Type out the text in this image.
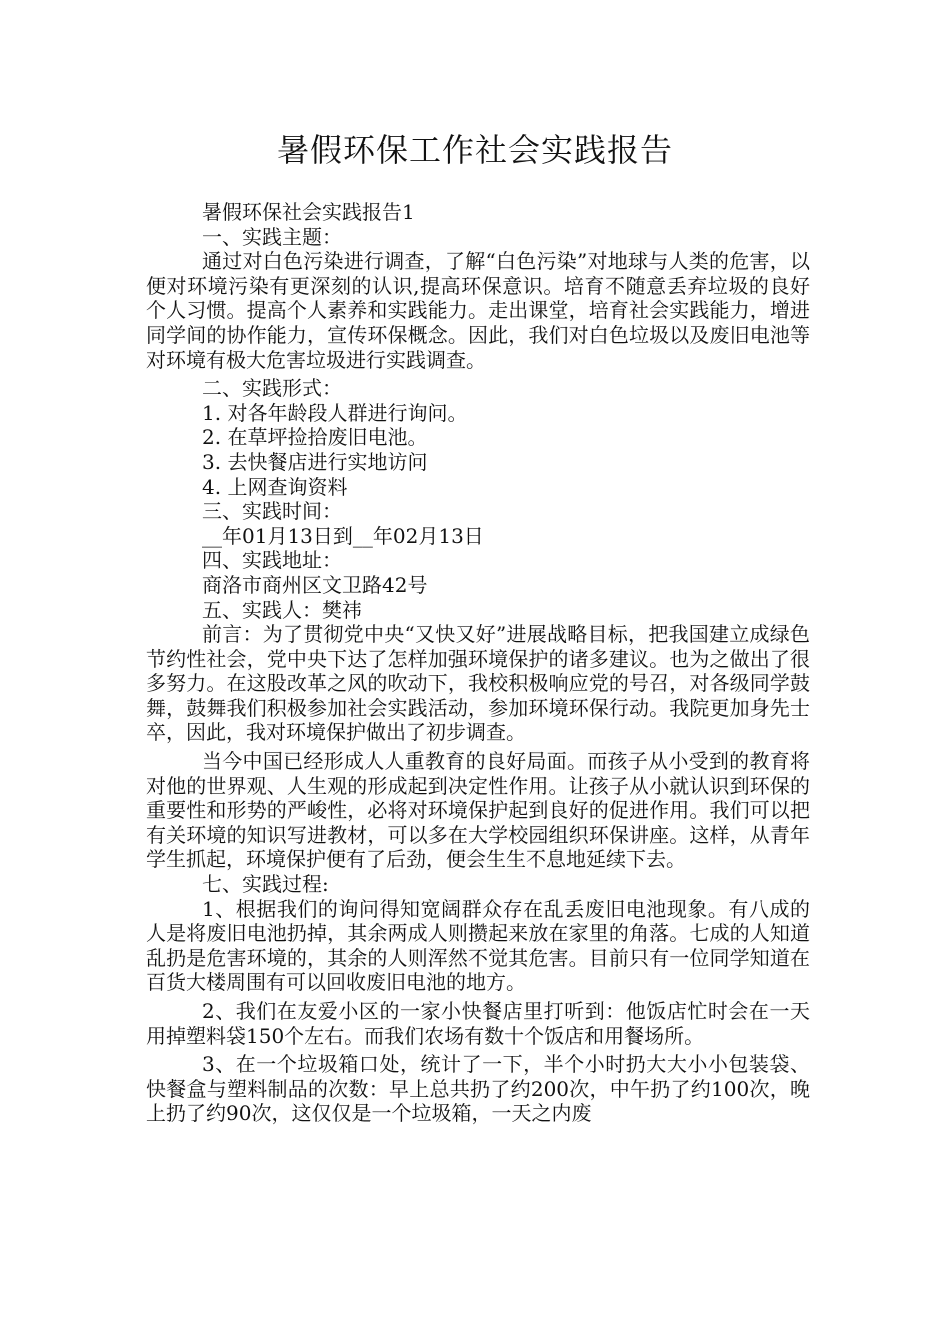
暑假环保工作社会实践报告

暑假环保社会实践报告1

一、实践主题：

通过对白色污染进行调查，了解“白色污染”对地球与人类的危害，以便对环境污染有更深刻的认识,提高环保意识。培育不随意丢弃垃圾的良好个人习惯。提高个人素养和实践能力。走出课堂，培育社会实践能力，增进同学间的协作能力，宣传环保概念。因此，我们对白色垃圾以及废旧电池等对环境有极大危害垃圾进行实践调查。

二、实践形式：

1. 对各年龄段人群进行询问。

2. 在草坪捡拾废旧电池。

3. 去快餐店进行实地访问

4. 上网查询资料

三、实践时间：

__年01月13日到__年02月13日

四、实践地址：

商洛市商州区文卫路42号

五、实践人：樊祎

前言：为了贯彻党中央“又快又好”进展战略目标，把我国建立成绿色节约性社会，党中央下达了怎样加强环境保护的诸多建议。也为之做出了很多努力。在这股改革之风的吹动下，我校积极响应党的号召，对各级同学鼓舞，鼓舞我们积极参加社会实践活动，参加环境环保行动。我院更加身先士卒，因此，我对环境保护做出了初步调查。

当今中国已经形成人人重教育的良好局面。而孩子从小受到的教育将对他的世界观、人生观的形成起到决定性作用。让孩子从小就认识到环保的重要性和形势的严峻性，必将对环境保护起到良好的促进作用。我们可以把有关环境的知识写进教材，可以多在大学校园组织环保讲座。这样，从青年学生抓起，环境保护便有了后劲，便会生生不息地延续下去。

七、实践过程:

1、根据我们的询问得知宽阔群众存在乱丢废旧电池现象。有八成的人是将废旧电池扔掉，其余两成人则攒起来放在家里的角落。七成的人知道乱扔是危害环境的，其余的人则浑然不觉其危害。目前只有一位同学知道在百货大楼周围有可以回收废旧电池的地方。

2、我们在友爱小区的一家小快餐店里打听到：他饭店忙时会在一天用掉塑料袋150个左右。而我们农场有数十个饭店和用餐场所。

3、在一个垃圾箱口处，统计了一下，半个小时扔大大小小包装袋、快餐盒与塑料制品的次数：早上总共扔了约200次，中午扔了约100次，晚上扔了约90次，这仅仅是一个垃圾箱，一天之内废
